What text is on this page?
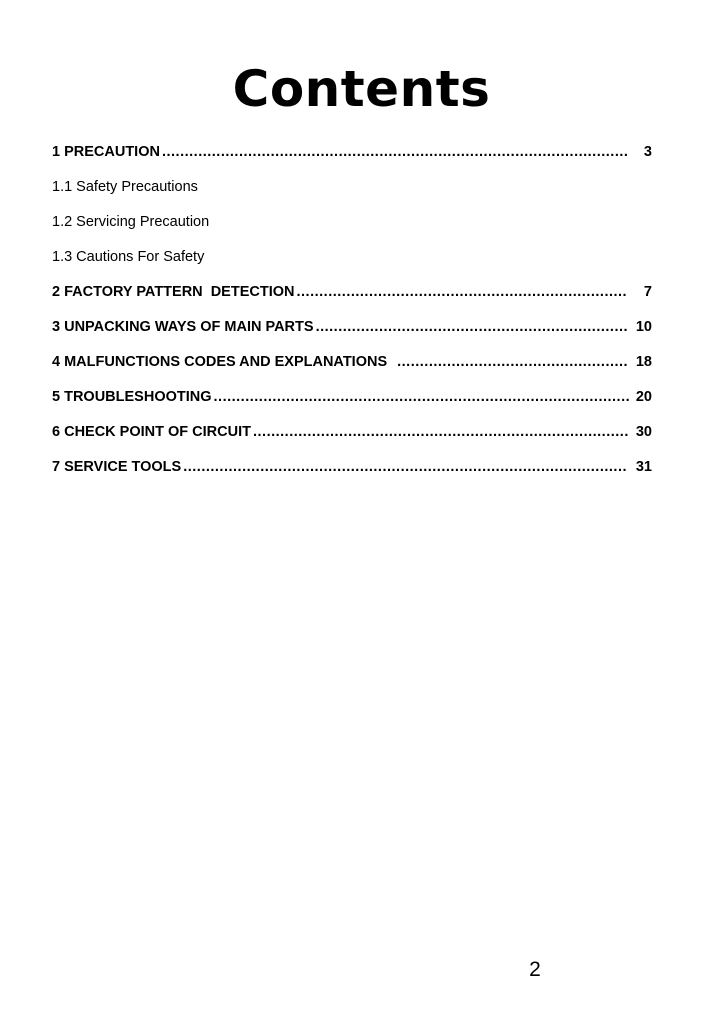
Contents
1 PRECAUTION .....	3
1.1 Safety Precautions
1.2 Servicing Precaution
1.3 Cautions For Safety
2 FACTORY PATTERN  DETECTION .....	7
3 UNPACKING WAYS OF MAIN PARTS .....	10
4 MALFUNCTIONS CODES AND EXPLANATIONS .....	18
5 TROUBLESHOOTING .....	20
6 CHECK POINT OF CIRCUIT .....	30
7 SERVICE TOOLS .....	31
2
